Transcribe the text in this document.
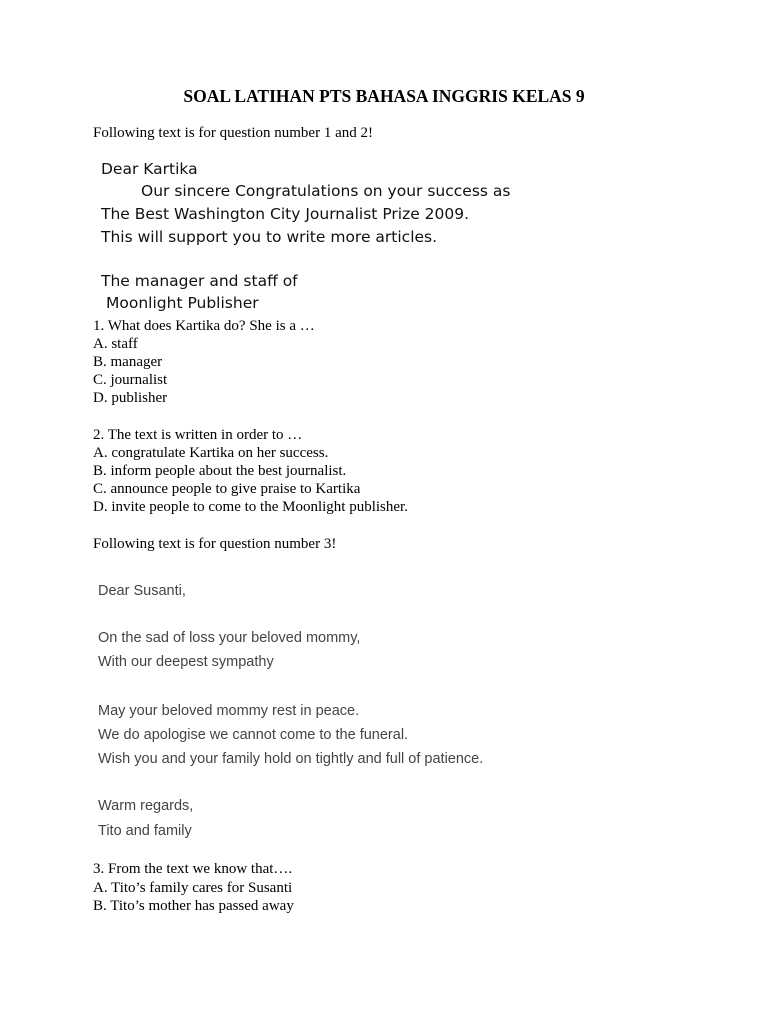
SOAL LATIHAN PTS BAHASA INGGRIS KELAS 9
Following text is for question number 1 and 2!
Dear Kartika
Our sincere Congratulations on your success as
The Best Washington City Journalist Prize 2009.
This will support you to write more articles.
The manager and staff of
Moonlight Publisher
1. What does Kartika do? She is a …
A. staff
B. manager
C. journalist
D. publisher
2. The text is written in order to …
A. congratulate Kartika on her success.
B. inform people about the best journalist.
C. announce people to give praise to Kartika
D. invite people to come to the Moonlight publisher.
Following text is for question number 3!
Dear Susanti,
On the sad of loss your beloved mommy,
With our deepest sympathy
May your beloved mommy rest in peace.
We do apologise we cannot come to the funeral.
Wish you and your family hold on tightly and full of patience.
Warm regards,
Tito and family
3. From the text we know that….
A. Tito’s family cares for Susanti
B. Tito’s mother has passed away
